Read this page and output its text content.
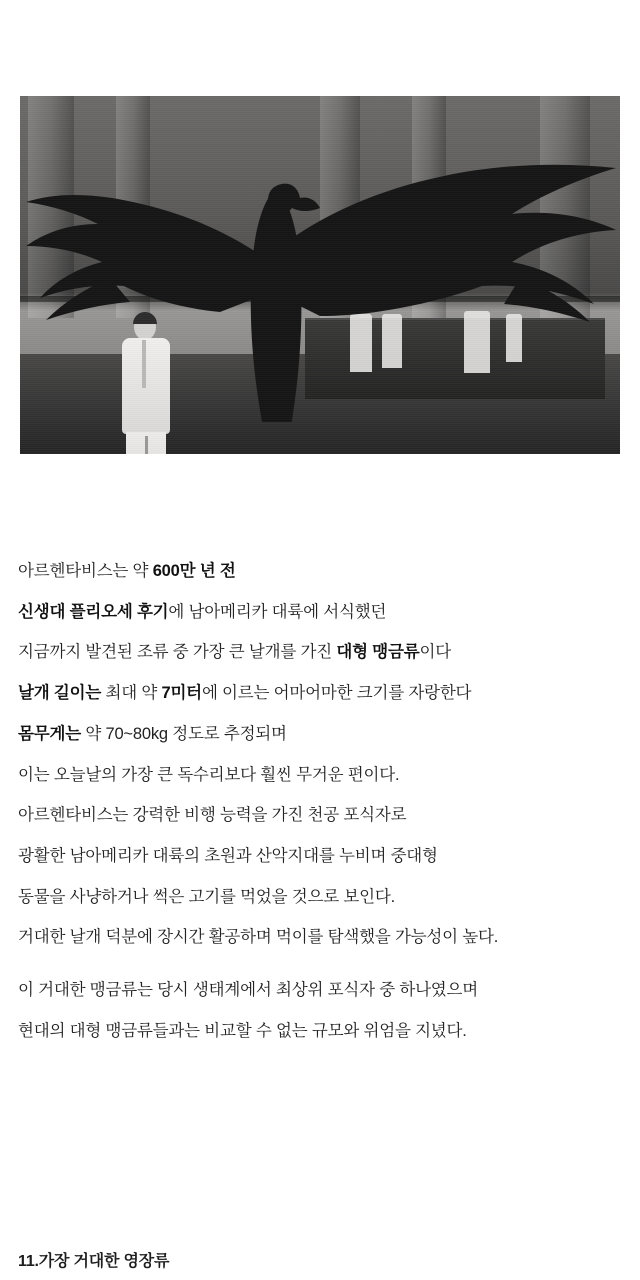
아르헨타비스는 약 600만 년 전

신생대 플리오세 후기에 남아메리카 대륙에 서식했던

지금까지 발견된 조류 중 가장 큰 날개를 가진 대형 맹금류이다

날개 길이는 최대 약 7미터에 이르는 어마어마한 크기를 자랑한다

몸무게는 약 70~80kg 정도로 추정되며

이는 오늘날의 가장 큰 독수리보다 훨씬 무거운 편이다.

아르헨타비스는 강력한 비행 능력을 가진 천공 포식자로

광활한 남아메리카 대륙의 초원과 산악지대를 누비며 중대형

동물을 사냥하거나 썩은 고기를 먹었을 것으로 보인다.

거대한 날개 덕분에 장시간 활공하며 먹이를 탐색했을 가능성이 높다.

이 거대한 맹금류는 당시 생태계에서 최상위 포식자 중 하나였으며

현대의 대형 맹금류들과는 비교할 수 없는 규모와 위엄을 지녔다.

11.가장 거대한 영장류
